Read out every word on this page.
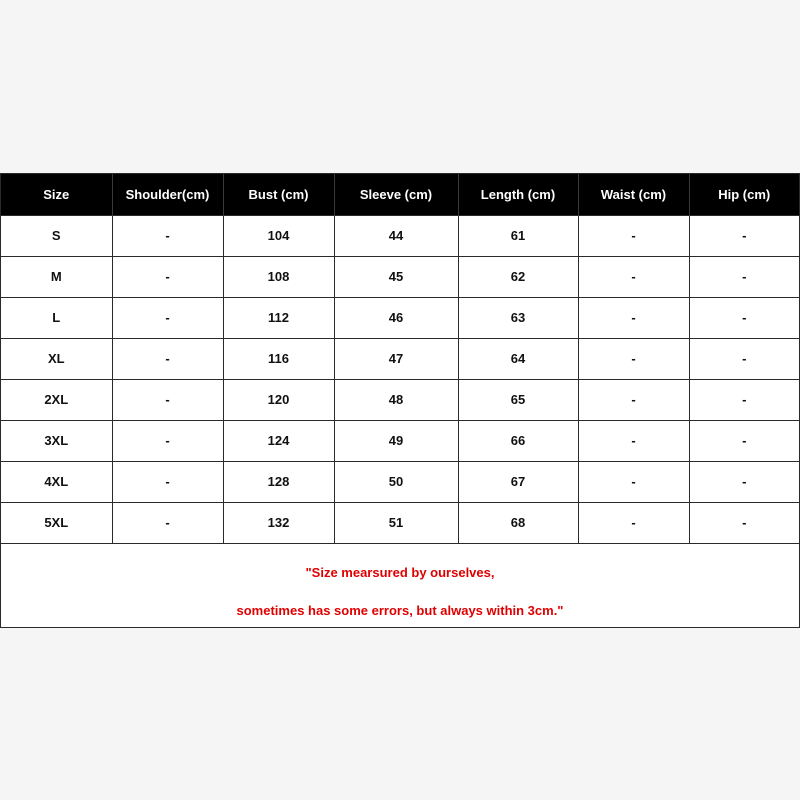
Size	Shoulder(cm)	Bust (cm)	Sleeve (cm)	Length (cm)	Waist (cm)	Hip (cm)
S	-	104	44	61	-	-
M	-	108	45	62	-	-
L	-	112	46	63	-	-
XL	-	116	47	64	-	-
2XL	-	120	48	65	-	-
3XL	-	124	49	66	-	-
4XL	-	128	50	67	-	-
5XL	-	132	51	68	-	-

"Size mearsured by ourselves,
sometimes has some errors, but always within 3cm."						
